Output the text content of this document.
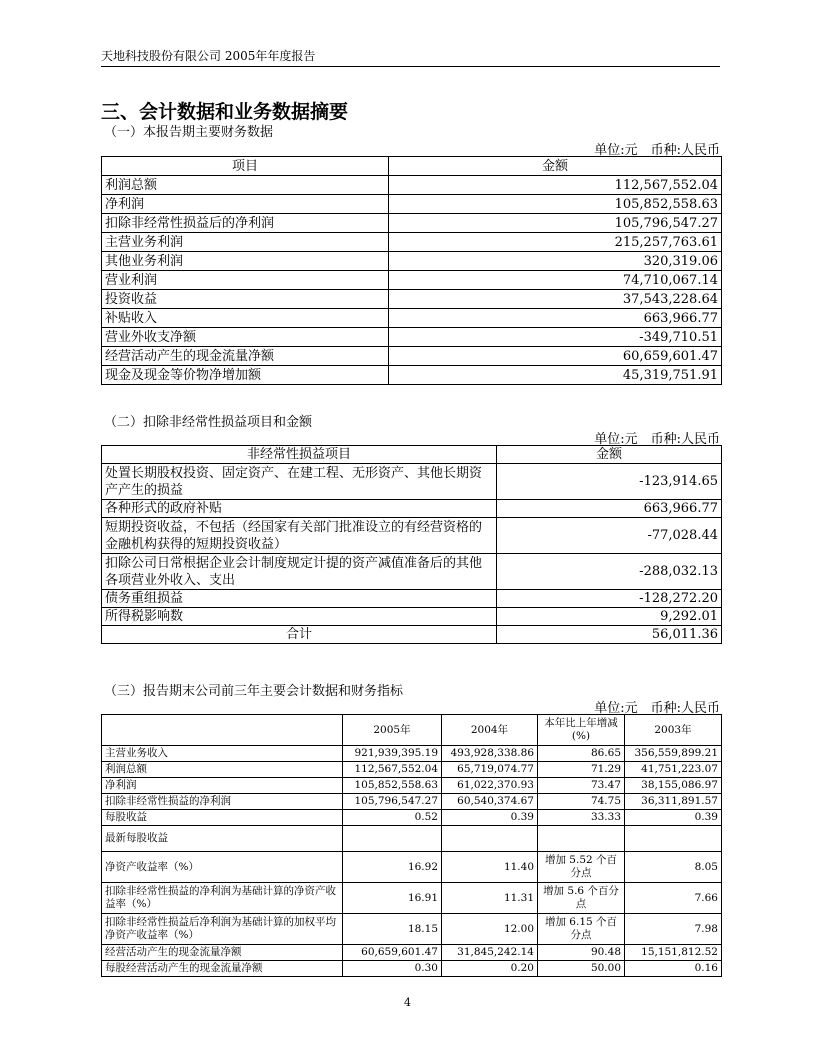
天地科技股份有限公司 2005年年度报告
三、会计数据和业务数据摘要
（一）本报告期主要财务数据
单位:元　币种:人民币
项目	金额
利润总额	112,567,552.04
净利润	105,852,558.63
扣除非经常性损益后的净利润	105,796,547.27
主营业务利润	215,257,763.61
其他业务利润	320,319.06
营业利润	74,710,067.14
投资收益	37,543,228.64
补贴收入	663,966.77
营业外收支净额	-349,710.51
经营活动产生的现金流量净额	60,659,601.47
现金及现金等价物净增加额	45,319,751.91
（二）扣除非经常性损益项目和金额
单位:元　币种:人民币
非经常性损益项目	金额
处置长期股权投资、固定资产、在建工程、无形资产、其他长期资产产生的损益	-123,914.65
各种形式的政府补贴	663,966.77
短期投资收益，不包括（经国家有关部门批准设立的有经营资格的金融机构获得的短期投资收益）	-77,028.44
扣除公司日常根据企业会计制度规定计提的资产减值准备后的其他各项营业外收入、支出	-288,032.13
债务重组损益	-128,272.20
所得税影响数	9,292.01
合计	56,011.36
（三）报告期末公司前三年主要会计数据和财务指标
单位:元　币种:人民币
	2005年	2004年	本年比上年增减(%)	2003年
主营业务收入	921,939,395.19	493,928,338.86	86.65	356,559,899.21
利润总额	112,567,552.04	65,719,074.77	71.29	41,751,223.07
净利润	105,852,558.63	61,022,370.93	73.47	38,155,086.97
扣除非经常性损益的净利润	105,796,547.27	60,540,374.67	74.75	36,311,891.57
每股收益	0.52	0.39	33.33	0.39
最新每股收益				
净资产收益率（%）	16.92	11.40	增加 5.52 个百分点	8.05
扣除非经常性损益的净利润为基础计算的净资产收益率（%）	16.91	11.31	增加 5.6 个百分点	7.66
扣除非经常性损益后净利润为基础计算的加权平均净资产收益率（%）	18.15	12.00	增加 6.15 个百分点	7.98
经营活动产生的现金流量净额	60,659,601.47	31,845,242.14	90.48	15,151,812.52
每股经营活动产生的现金流量净额	0.30	0.20	50.00	0.16
4
